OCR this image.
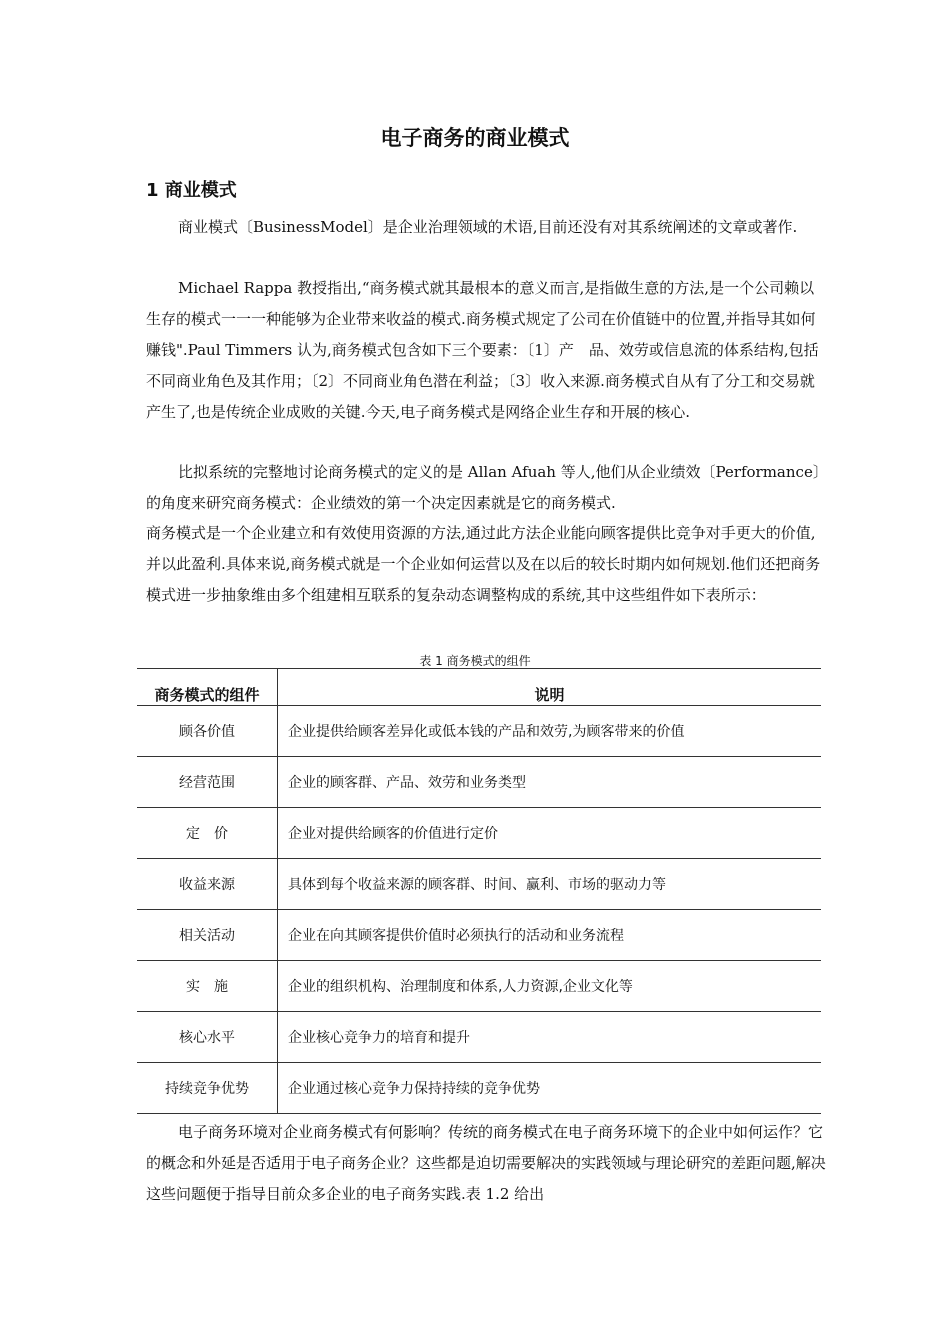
电子商务的商业模式
1 商业模式

商业模式〔BusinessModel〕是企业治理领域的术语,目前还没有对其系统阐述的文章或著作.

Michael Rappa 教授指出,“商务模式就其最根本的意义而言,是指做生意的方法,是一个公司赖以生存的模式一一一种能够为企业带来收益的模式.商务模式规定了公司在价值链中的位置,并指导其如何赚钱".Paul Timmers 认为,商务模式包含如下三个要素：〔1〕产　品、效劳或信息流的体系结构,包括不同商业角色及其作用；〔2〕不同商业角色潜在利益；〔3〕收入来源.商务模式自从有了分工和交易就产生了,也是传统企业成败的关键.今天,电子商务模式是网络企业生存和开展的核心.

比拟系统的完整地讨论商务模式的定义的是 Allan Afuah 等人,他们从企业绩效〔Performance〕的角度来研究商务模式：企业绩效的第一个决定因素就是它的商务模式.

商务模式是一个企业建立和有效使用资源的方法,通过此方法企业能向顾客提供比竞争对手更大的价值,并以此盈利.具体来说,商务模式就是一个企业如何运营以及在以后的较长时期内如何规划.他们还把商务模式进一步抽象维由多个组建相互联系的复杂动态调整构成的系统,其中这些组件如下表所示：

表 1 商务模式的组件
商务模式的组件	说明
顾各价值	企业提供给顾客差异化或低本钱的产品和效劳,为顾客带来的价值
经营范围	企业的顾客群、产品、效劳和业务类型
定　价	企业对提供给顾客的价值进行定价
收益来源	具体到每个收益来源的顾客群、时间、赢利、市场的驱动力等
相关活动	企业在向其顾客提供价值时必须执行的活动和业务流程
实　施	企业的组织机构、治理制度和体系,人力资源,企业文化等
核心水平	企业核心竞争力的培育和提升
持续竞争优势	企业通过核心竞争力保持持续的竞争优势

电子商务环境对企业商务模式有何影响？传统的商务模式在电子商务环境下的企业中如何运作？它的概念和外延是否适用于电子商务企业？这些都是迫切需要解决的实践领域与理论研究的差距问题,解决这些问题便于指导目前众多企业的电子商务实践.表 1.2 给出
